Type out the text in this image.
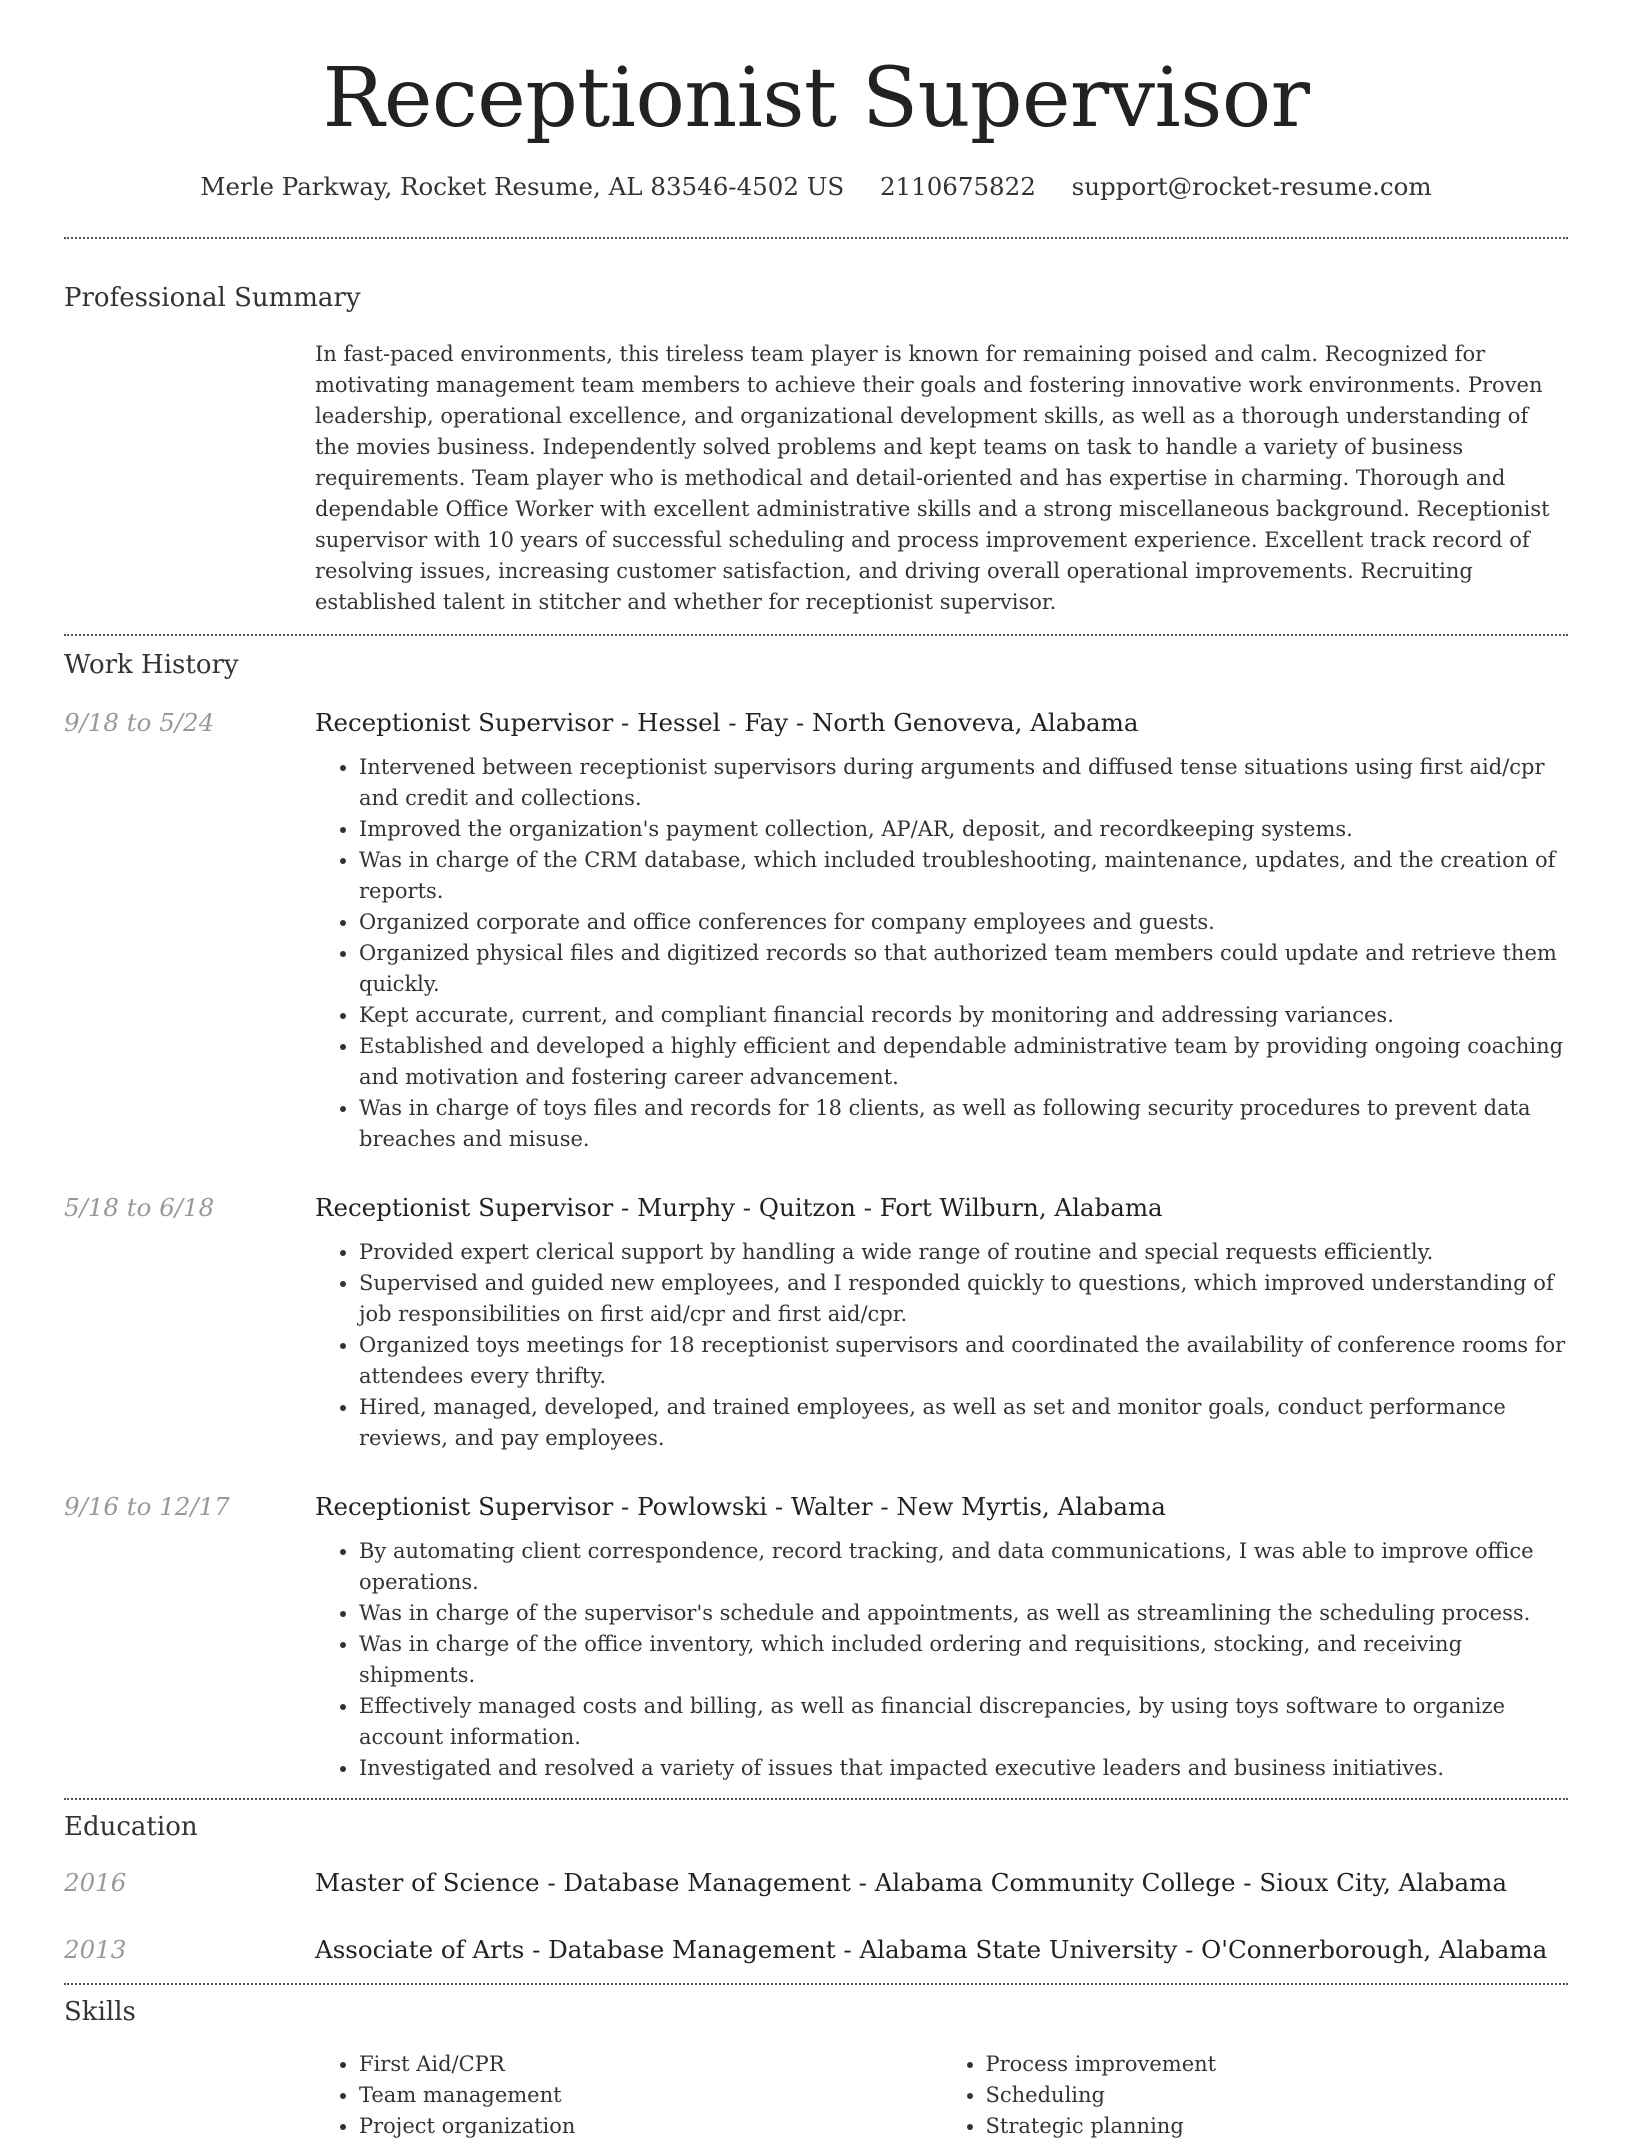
Receptionist Supervisor
Merle Parkway, Rocket Resume, AL 83546-4502 US 2110675822 support@rocket-resume.com
Professional Summary
In fast-paced environments, this tireless team player is known for remaining poised and calm. Recognized for motivating management team members to achieve their goals and fostering innovative work environments. Proven leadership, operational excellence, and organizational development skills, as well as a thorough understanding of the movies business. Independently solved problems and kept teams on task to handle a variety of business requirements. Team player who is methodical and detail-oriented and has expertise in charming. Thorough and dependable Office Worker with excellent administrative skills and a strong miscellaneous background. Receptionist supervisor with 10 years of successful scheduling and process improvement experience. Excellent track record of resolving issues, increasing customer satisfaction, and driving overall operational improvements. Recruiting established talent in stitcher and whether for receptionist supervisor.
Work History
9/18 to 5/24	Receptionist Supervisor - Hessel - Fay - North Genoveva, Alabama
• Intervened between receptionist supervisors during arguments and diffused tense situations using first aid/cpr and credit and collections.
• Improved the organization's payment collection, AP/AR, deposit, and recordkeeping systems.
• Was in charge of the CRM database, which included troubleshooting, maintenance, updates, and the creation of reports.
• Organized corporate and office conferences for company employees and guests.
• Organized physical files and digitized records so that authorized team members could update and retrieve them quickly.
• Kept accurate, current, and compliant financial records by monitoring and addressing variances.
• Established and developed a highly efficient and dependable administrative team by providing ongoing coaching and motivation and fostering career advancement.
• Was in charge of toys files and records for 18 clients, as well as following security procedures to prevent data breaches and misuse.
5/18 to 6/18	Receptionist Supervisor - Murphy - Quitzon - Fort Wilburn, Alabama
• Provided expert clerical support by handling a wide range of routine and special requests efficiently.
• Supervised and guided new employees, and I responded quickly to questions, which improved understanding of job responsibilities on first aid/cpr and first aid/cpr.
• Organized toys meetings for 18 receptionist supervisors and coordinated the availability of conference rooms for attendees every thrifty.
• Hired, managed, developed, and trained employees, as well as set and monitor goals, conduct performance reviews, and pay employees.
9/16 to 12/17	Receptionist Supervisor - Powlowski - Walter - New Myrtis, Alabama
• By automating client correspondence, record tracking, and data communications, I was able to improve office operations.
• Was in charge of the supervisor's schedule and appointments, as well as streamlining the scheduling process.
• Was in charge of the office inventory, which included ordering and requisitions, stocking, and receiving shipments.
• Effectively managed costs and billing, as well as financial discrepancies, by using toys software to organize account information.
• Investigated and resolved a variety of issues that impacted executive leaders and business initiatives.
Education
2016	Master of Science - Database Management - Alabama Community College - Sioux City, Alabama
2013	Associate of Arts - Database Management - Alabama State University - O'Connerborough, Alabama
Skills
• First Aid/CPR
• Team management
• Project organization
• Process improvement
• Scheduling
• Strategic planning
